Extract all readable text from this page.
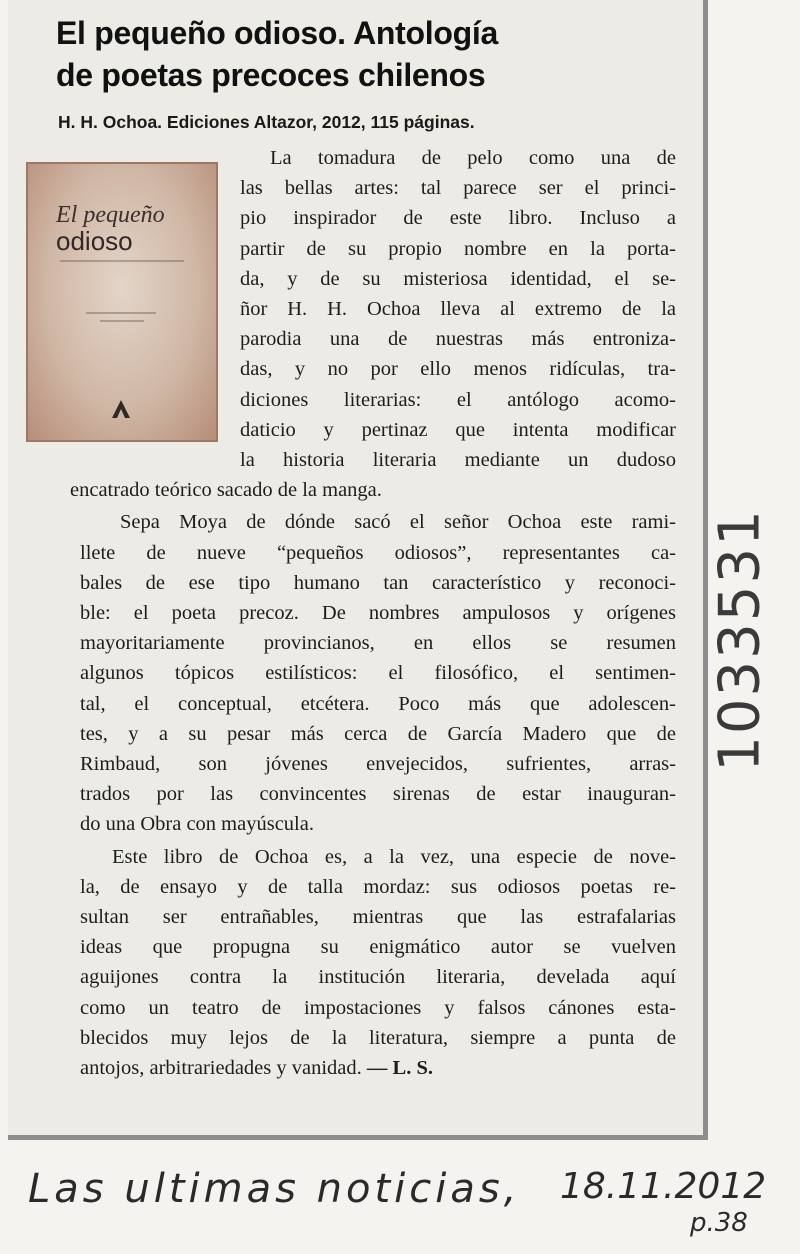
El pequeño odioso. Antología
de poetas precoces chilenos
H. H. Ochoa. Ediciones Altazor, 2012, 115 páginas.
El pequeño
odioso
La tomadura de pelo como una de
las bellas artes: tal parece ser el princi-
pio inspirador de este libro. Incluso a
partir de su propio nombre en la porta-
da, y de su misteriosa identidad, el se-
ñor H. H. Ochoa lleva al extremo de la
parodia una de nuestras más entroniza-
das, y no por ello menos ridículas, tra-
diciones literarias: el antólogo acomo-
daticio y pertinaz que intenta modificar
la historia literaria mediante un dudoso
encatrado teórico sacado de la manga.
Sepa Moya de dónde sacó el señor Ochoa este rami-
llete de nueve “pequeños odiosos”, representantes ca-
bales de ese tipo humano tan característico y reconoci-
ble: el poeta precoz. De nombres ampulosos y orígenes
mayoritariamente provincianos, en ellos se resumen
algunos tópicos estilísticos: el filosófico, el sentimen-
tal, el conceptual, etcétera. Poco más que adolescen-
tes, y a su pesar más cerca de García Madero que de
Rimbaud, son jóvenes envejecidos, sufrientes, arras-
trados por las convincentes sirenas de estar inauguran-
do una Obra con mayúscula.
Este libro de Ochoa es, a la vez, una especie de nove-
la, de ensayo y de talla mordaz: sus odiosos poetas re-
sultan ser entrañables, mientras que las estrafalarias
ideas que propugna su enigmático autor se vuelven
aguijones contra la institución literaria, develada aquí
como un teatro de impostaciones y falsos cánones esta-
blecidos muy lejos de la literatura, siempre a punta de
antojos, arbitrariedades y vanidad. — L. S.
1033531
Las ultimas noticias, 18.11.2012
p.38
